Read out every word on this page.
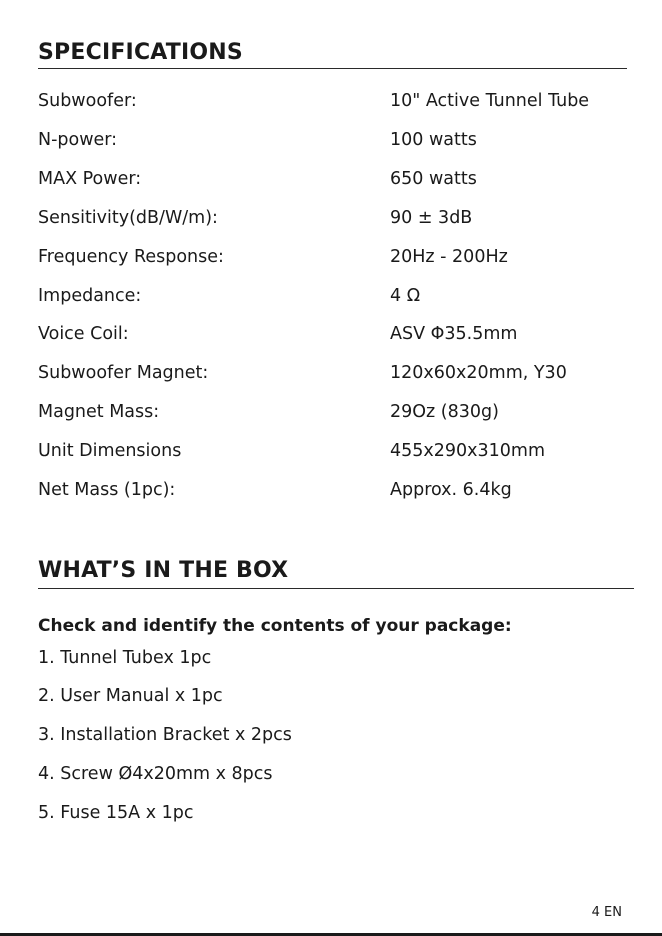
SPECIFICATIONS
Subwoofer:	10" Active Tunnel Tube
N-power:	100 watts
MAX Power:	650 watts
Sensitivity(dB/W/m):	90 ± 3dB
Frequency Response:	20Hz - 200Hz
Impedance:	4 Ω
Voice Coil:	ASV Φ35.5mm
Subwoofer Magnet:	120x60x20mm, Y30
Magnet Mass:	29Oz (830g)
Unit Dimensions	455x290x310mm
Net Mass (1pc):	Approx. 6.4kg
WHAT’S IN THE BOX
Check and identify the contents of your package:
1. Tunnel Tubex 1pc
2. User Manual x 1pc
3. Installation Bracket x 2pcs
4. Screw Ø4x20mm x 8pcs
5. Fuse 15A x 1pc
4 EN
